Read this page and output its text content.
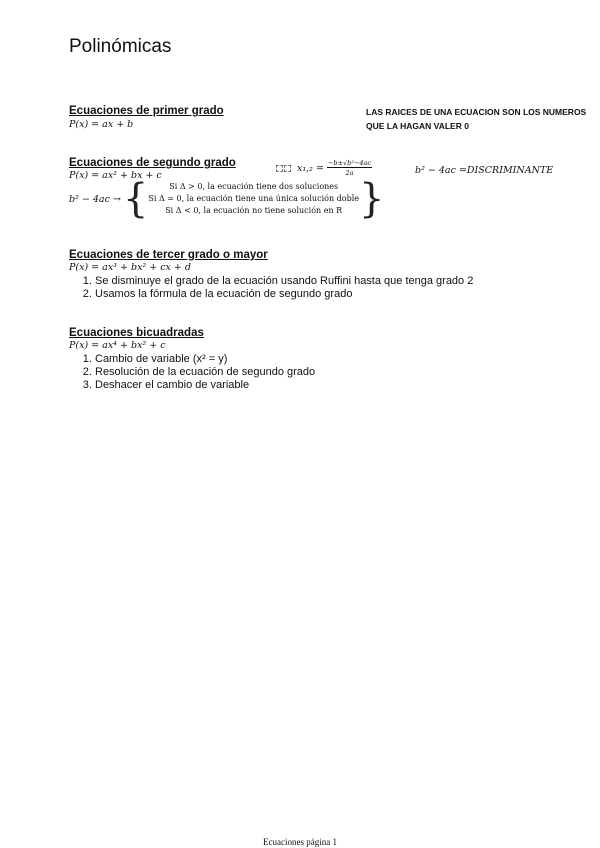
Polinómicas
Ecuaciones de primer grado
P(x) = ax + b
LAS RAICES DE UNA ECUACION SON LOS NUMEROS
QUE LA HAGAN VALER 0
Ecuaciones de segundo grado
P(x) = ax² + bx + c
$x_1,_2 = \frac{\text{−b±√b²−4ac}}{2a}$	b² − 4ac =DISCRIMINANTE
b² − 4ac → {	Si Δ > 0, la ecuación tiene dos soluciones
Si Δ = 0, la ecuación tiene una única solución doble
Si Δ < 0, la ecuación no tiene solución en R }
Ecuaciones de tercer grado o mayor
P(x) = ax³ + bx² + cx + d
1. Se disminuye el grado de la ecuación usando Ruffini hasta que tenga grado 2
2. Usamos la fórmula de la ecuación de segundo grado
Ecuaciones bicuadradas
P(x) = ax⁴ + bx² + c
1. Cambio de variable (x² = y)
2. Resolución de la ecuación de segundo grado
3. Deshacer el cambio de variable
Ecuaciones página 1
